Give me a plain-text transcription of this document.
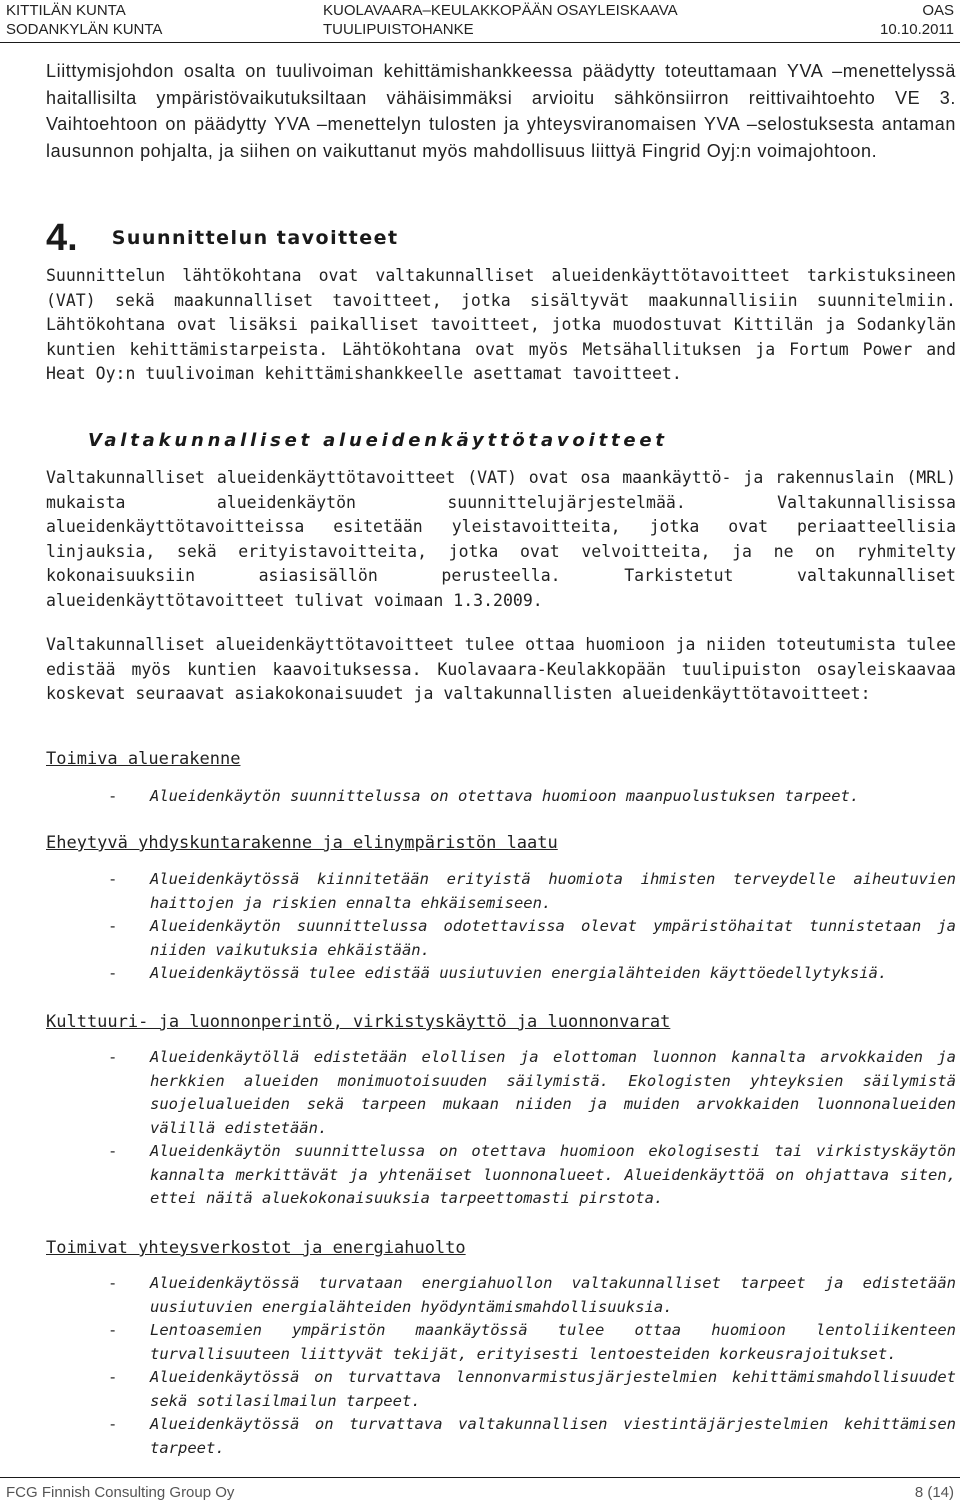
KITTILÄN KUNTA
SODANKYLÄN KUNTA
KUOLAVAARA–KEULAKKOPÄÄN OSAYLEISKAAVA
TUULIPUISTOHANKE
OAS
10.10.2011

Liittymisjohdon osalta on tuulivoiman kehittämishankkeessa päädytty toteuttamaan YVA –menettelyssä haitallisilta ympäristövaikutuksiltaan vähäisimmäksi arvioitu sähkönsiirron reittivaihtoehto VE 3. Vaihtoehtoon on päädytty YVA –menettelyn tulosten ja yhteysviranomaisen YVA –selostuksesta antaman lausunnon pohjalta, ja siihen on vaikuttanut myös mahdollisuus liittyä Fingrid Oyj:n voimajohtoon.

4. Suunnittelun tavoitteet

Suunnittelun lähtökohtana ovat valtakunnalliset alueidenkäyttötavoitteet tarkistuksineen (VAT) sekä maakunnalliset tavoitteet, jotka sisältyvät maakunnallisiin suunnitelmiin. Lähtökohtana ovat lisäksi paikalliset tavoitteet, jotka muodostuvat Kittilän ja Sodankylän kuntien kehittämistarpeista. Lähtökohtana ovat myös Metsähallituksen ja Fortum Power and Heat Oy:n tuulivoiman kehittämishankkeelle asettamat tavoitteet.

Valtakunnalliset alueidenkäyttötavoitteet

Valtakunnalliset alueidenkäyttötavoitteet (VAT) ovat osa maankäyttö- ja rakennuslain (MRL) mukaista alueidenkäytön suunnittelujärjestelmää. Valtakunnallisissa alueidenkäyttötavoitteissa esitetään yleistavoitteita, jotka ovat periaatteellisia linjauksia, sekä erityistavoitteita, jotka ovat velvoitteita, ja ne on ryhmitelty kokonaisuuksiin asiasisällön perusteella. Tarkistetut valtakunnalliset alueidenkäyttötavoitteet tulivat voimaan 1.3.2009.

Valtakunnalliset alueidenkäyttötavoitteet tulee ottaa huomioon ja niiden toteutumista tulee edistää myös kuntien kaavoituksessa. Kuolavaara-Keulakkopään tuulipuiston osayleiskaavaa koskevat seuraavat asiakokonaisuudet ja valtakunnallisten alueidenkäyttötavoitteet:

Toimiva aluerakenne

- Alueidenkäytön suunnittelussa on otettava huomioon maanpuolustuksen tarpeet.

Eheytyvä yhdyskuntarakenne ja elinympäristön laatu

- Alueidenkäytössä kiinnitetään erityistä huomiota ihmisten terveydelle aiheutuvien haittojen ja riskien ennalta ehkäisemiseen.
- Alueidenkäytön suunnittelussa odotettavissa olevat ympäristöhaitat tunnistetaan ja niiden vaikutuksia ehkäistään.
- Alueidenkäytössä tulee edistää uusiutuvien energialähteiden käyttöedellytyksiä.

Kulttuuri- ja luonnonperintö, virkistyskäyttö ja luonnonvarat

- Alueidenkäytöllä edistetään elollisen ja elottoman luonnon kannalta arvokkaiden ja herkkien alueiden monimuotoisuuden säilymistä. Ekologisten yhteyksien säilymistä suojelualueiden sekä tarpeen mukaan niiden ja muiden arvokkaiden luonnonalueiden välillä edistetään.
- Alueidenkäytön suunnittelussa on otettava huomioon ekologisesti tai virkistyskäytön kannalta merkittävät ja yhtenäiset luonnonalueet. Alueidenkäyttöä on ohjattava siten, ettei näitä aluekokonaisuuksia tarpeettomasti pirstota.

Toimivat yhteysverkostot ja energiahuolto

- Alueidenkäytössä turvataan energiahuollon valtakunnalliset tarpeet ja edistetään uusiutuvien energialähteiden hyödyntämismahdollisuuksia.
- Lentoasemien ympäristön maankäytössä tulee ottaa huomioon lentoliikenteen turvallisuuteen liittyvät tekijät, erityisesti lentoesteiden korkeusrajoitukset.
- Alueidenkäytössä on turvattava lennonvarmistusjärjestelmien kehittämismahdollisuudet sekä sotilasilmailun tarpeet.
- Alueidenkäytössä on turvattava valtakunnallisen viestintäjärjestelmien kehittämisen tarpeet.
FCG Finnish Consulting Group Oy	8 (14)
